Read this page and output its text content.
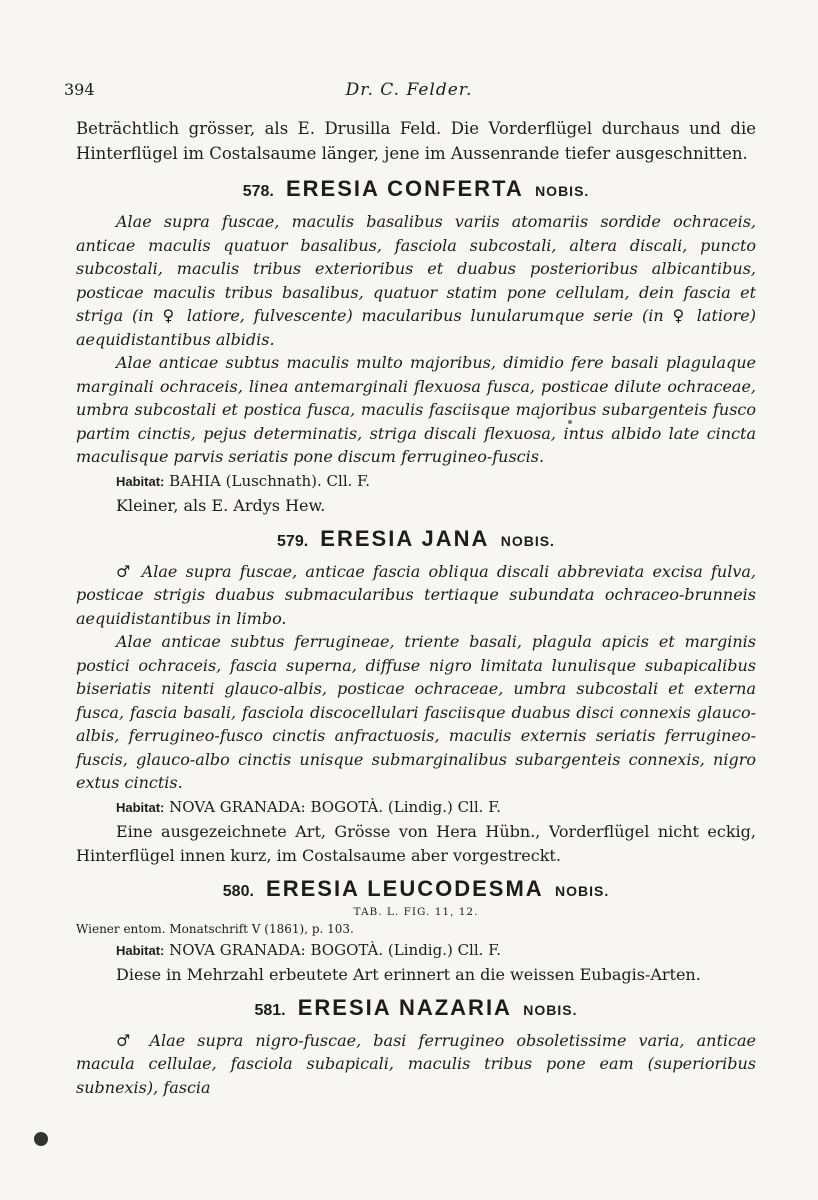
394	Dr. C. Felder.

Beträchtlich grösser, als E. Drusilla Feld. Die Vorderflügel durchaus und die Hinterflügel im Costalsaume länger, jene im Aussenrande tiefer ausgeschnitten.

578. ERESIA CONFERTA NOBIS.

Alae supra fuscae, maculis basalibus variis atomariis sordide ochraceis, anticae maculis quatuor basalibus, fasciola subcostali, altera discali, puncto subcostali, maculis tribus exterioribus et duabus posterioribus albicantibus, posticae maculis tribus basalibus, quatuor statim pone cellulam, dein fascia et striga (in ♀ latiore, fulvescente) macularibus lunularumque serie (in ♀ latiore) aequidistantibus albidis.

Alae anticae subtus maculis multo majoribus, dimidio fere basali plagulaque marginali ochraceis, linea antemarginali flexuosa fusca, posticae dilute ochraceae, umbra subcostali et postica fusca, maculis fasciisque majoribus subargenteis fusco partim cinctis, pejus determinatis, striga discali flexuosa, intus albido late cincta maculisque parvis seriatis pone discum ferrugineo-fuscis.

Habitat: BAHIA (Luschnath). Cll. F.

Kleiner, als E. Ardys Hew.

579. ERESIA JANA NOBIS.

♂ Alae supra fuscae, anticae fascia obliqua discali abbreviata excisa fulva, posticae strigis duabus submacularibus tertiaque subundata ochraceo-brunneis aequidistantibus in limbo.

Alae anticae subtus ferrugineae, triente basali, plagula apicis et marginis postici ochraceis, fascia superna, diffuse nigro limitata lunulisque subapicalibus biseriatis nitenti glauco-albis, posticae ochraceae, umbra subcostali et externa fusca, fascia basali, fasciola discocellulari fasciisque duabus disci connexis glauco-albis, ferrugineo-fusco cinctis anfractuosis, maculis externis seriatis ferrugineo-fuscis, glauco-albo cinctis unisque submarginalibus subargenteis connexis, nigro extus cinctis.

Habitat: NOVA GRANADA: BOGOTÀ. (Lindig.) Cll. F.

Eine ausgezeichnete Art, Grösse von Hera Hübn., Vorderflügel nicht eckig, Hinterflügel innen kurz, im Costalsaume aber vorgestreckt.

580. ERESIA LEUCODESMA NOBIS.
TAB. L. FIG. 11, 12.

Wiener entom. Monatschrift V (1861), p. 103.

Habitat: NOVA GRANADA: BOGOTÀ. (Lindig.) Cll. F.

Diese in Mehrzahl erbeutete Art erinnert an die weissen Eubagis-Arten.

581. ERESIA NAZARIA NOBIS.

♂ Alae supra nigro-fuscae, basi ferrugineo obsoletissime varia, anticae macula cellulae, fasciola subapicali, maculis tribus pone eam (superioribus subnexis), fascia
